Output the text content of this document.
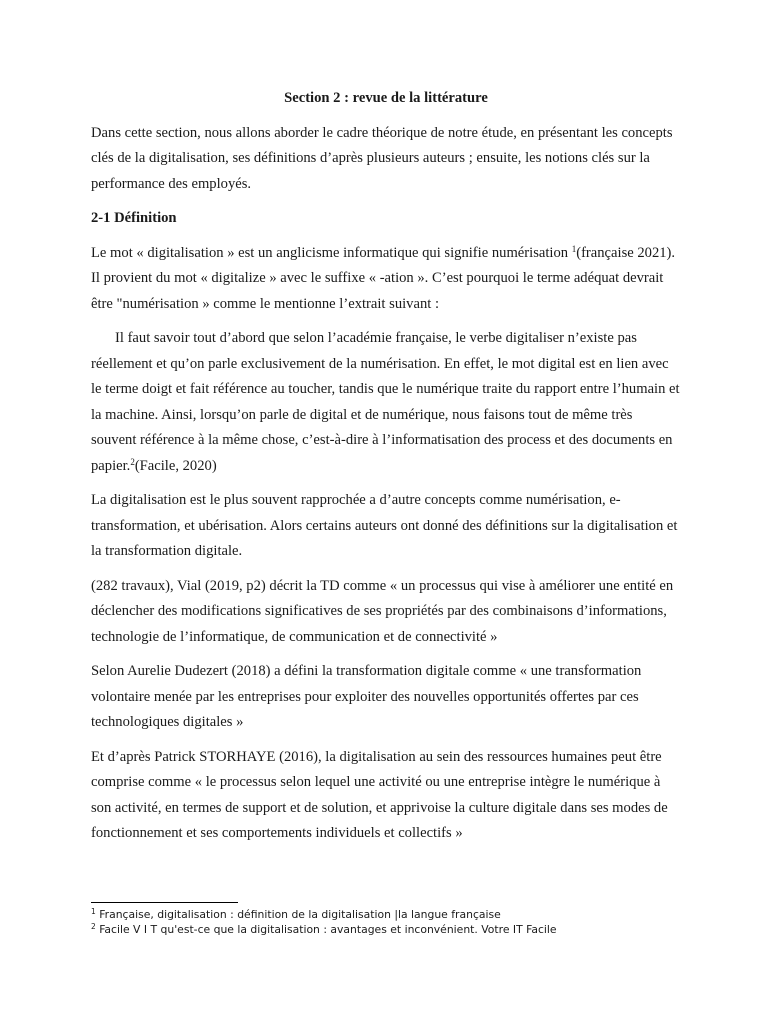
Section 2 : revue de la littérature

Dans cette section, nous allons aborder le cadre théorique de notre étude, en présentant les concepts clés de la digitalisation, ses définitions d’après plusieurs auteurs ; ensuite, les notions clés sur la performance des employés.

2-1 Définition

Le mot « digitalisation » est un anglicisme informatique qui signifie numérisation $^1$(française 2021). Il provient du mot « digitalize » avec le suffixe « -ation ». C’est pourquoi le terme adéquat devrait être "numérisation » comme le mentionne l’extrait suivant :

Il faut savoir tout d’abord que selon l’académie française, le verbe digitaliser n’existe pas réellement et qu’on parle exclusivement de la numérisation. En effet, le mot digital est en lien avec le terme doigt et fait référence au toucher, tandis que le numérique traite du rapport entre l’humain et la machine. Ainsi, lorsqu’on parle de digital et de numérique, nous faisons tout de même très souvent référence à la même chose, c’est-à-dire à l’informatisation des process et des documents en papier.$^2$(Facile, 2020)

La digitalisation est le plus souvent rapprochée a d’autre concepts comme numérisation, e-transformation, et ubérisation. Alors certains auteurs ont donné des définitions sur la digitalisation et la transformation digitale.

(282 travaux), Vial (2019, p2) décrit la TD comme « un processus qui vise à améliorer une entité en déclencher des modifications significatives de ses propriétés par des combinaisons d’informations, technologie de l’informatique, de communication et de connectivité »

Selon Aurelie Dudezert (2018) a défini la transformation digitale comme « une transformation volontaire menée par les entreprises pour exploiter des nouvelles opportunités offertes par ces technologiques digitales »

Et d’après Patrick STORHAYE (2016), la digitalisation au sein des ressources humaines peut être comprise comme « le processus selon lequel une activité ou une entreprise intègre le numérique à son activité, en termes de support et de solution, et apprivoise la culture digitale dans ses modes de fonctionnement et ses comportements individuels et collectifs »

$^1$ Française, digitalisation : définition de la digitalisation |la langue française
$^2$ Facile V I T qu'est-ce que la digitalisation : avantages et inconvénient. Votre IT Facile
